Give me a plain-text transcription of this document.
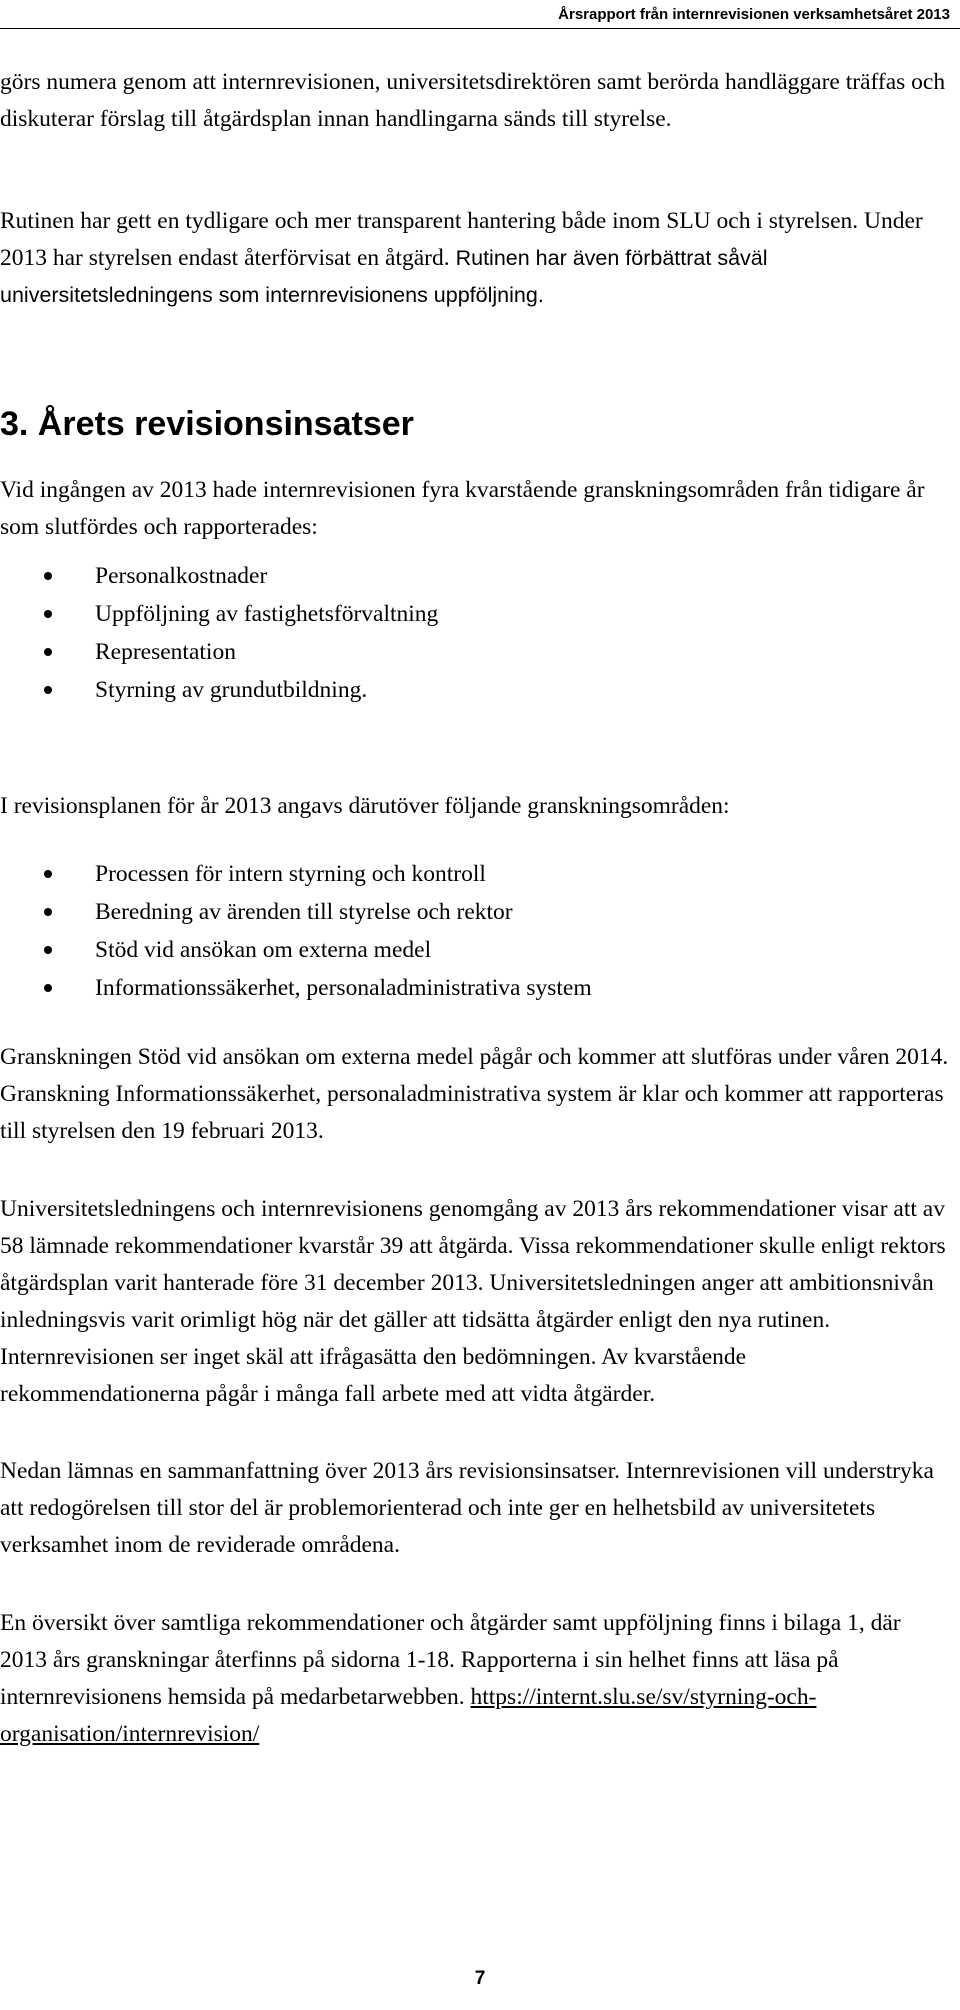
Årsrapport från internrevisionen verksamhetsåret 2013

görs numera genom att internrevisionen, universitetsdirektören samt berörda handläggare träffas och diskuterar förslag till åtgärdsplan innan handlingarna sänds till styrelse.

Rutinen har gett en tydligare och mer transparent hantering både inom SLU och i styrelsen. Under 2013 har styrelsen endast återförvisat en åtgärd. Rutinen har även förbättrat såväl universitetsledningens som internrevisionens uppföljning.

3. Årets revisionsinsatser

Vid ingången av 2013 hade internrevisionen fyra kvarstående granskningsområden från tidigare år som slutfördes och rapporterades:

Personalkostnader
Uppföljning av fastighetsförvaltning
Representation
Styrning av grundutbildning.

I revisionsplanen för år 2013 angavs därutöver följande granskningsområden:

Processen för intern styrning och kontroll
Beredning av ärenden till styrelse och rektor
Stöd vid ansökan om externa medel
Informationssäkerhet, personaladministrativa system

Granskningen Stöd vid ansökan om externa medel pågår och kommer att slutföras under våren 2014. Granskning Informationssäkerhet, personaladministrativa system är klar och kommer att rapporteras till styrelsen den 19 februari 2013.

Universitetsledningens och internrevisionens genomgång av 2013 års rekommendationer visar att av 58 lämnade rekommendationer kvarstår 39 att åtgärda. Vissa rekommendationer skulle enligt rektors åtgärdsplan varit hanterade före 31 december 2013. Universitetsledningen anger att ambitionsnivån inledningsvis varit orimligt hög när det gäller att tidsätta åtgärder enligt den nya rutinen. Internrevisionen ser inget skäl att ifrågasätta den bedömningen. Av kvarstående rekommendationerna pågår i många fall arbete med att vidta åtgärder.

Nedan lämnas en sammanfattning över 2013 års revisionsinsatser. Internrevisionen vill understryka att redogörelsen till stor del är problemorienterad och inte ger en helhetsbild av universitetets verksamhet inom de reviderade områdena.

En översikt över samtliga rekommendationer och åtgärder samt uppföljning finns i bilaga 1, där 2013 års granskningar återfinns på sidorna 1-18. Rapporterna i sin helhet finns att läsa på internrevisionens hemsida på medarbetarwebben. https://internt.slu.se/sv/styrning-och-organisation/internrevision/

7
